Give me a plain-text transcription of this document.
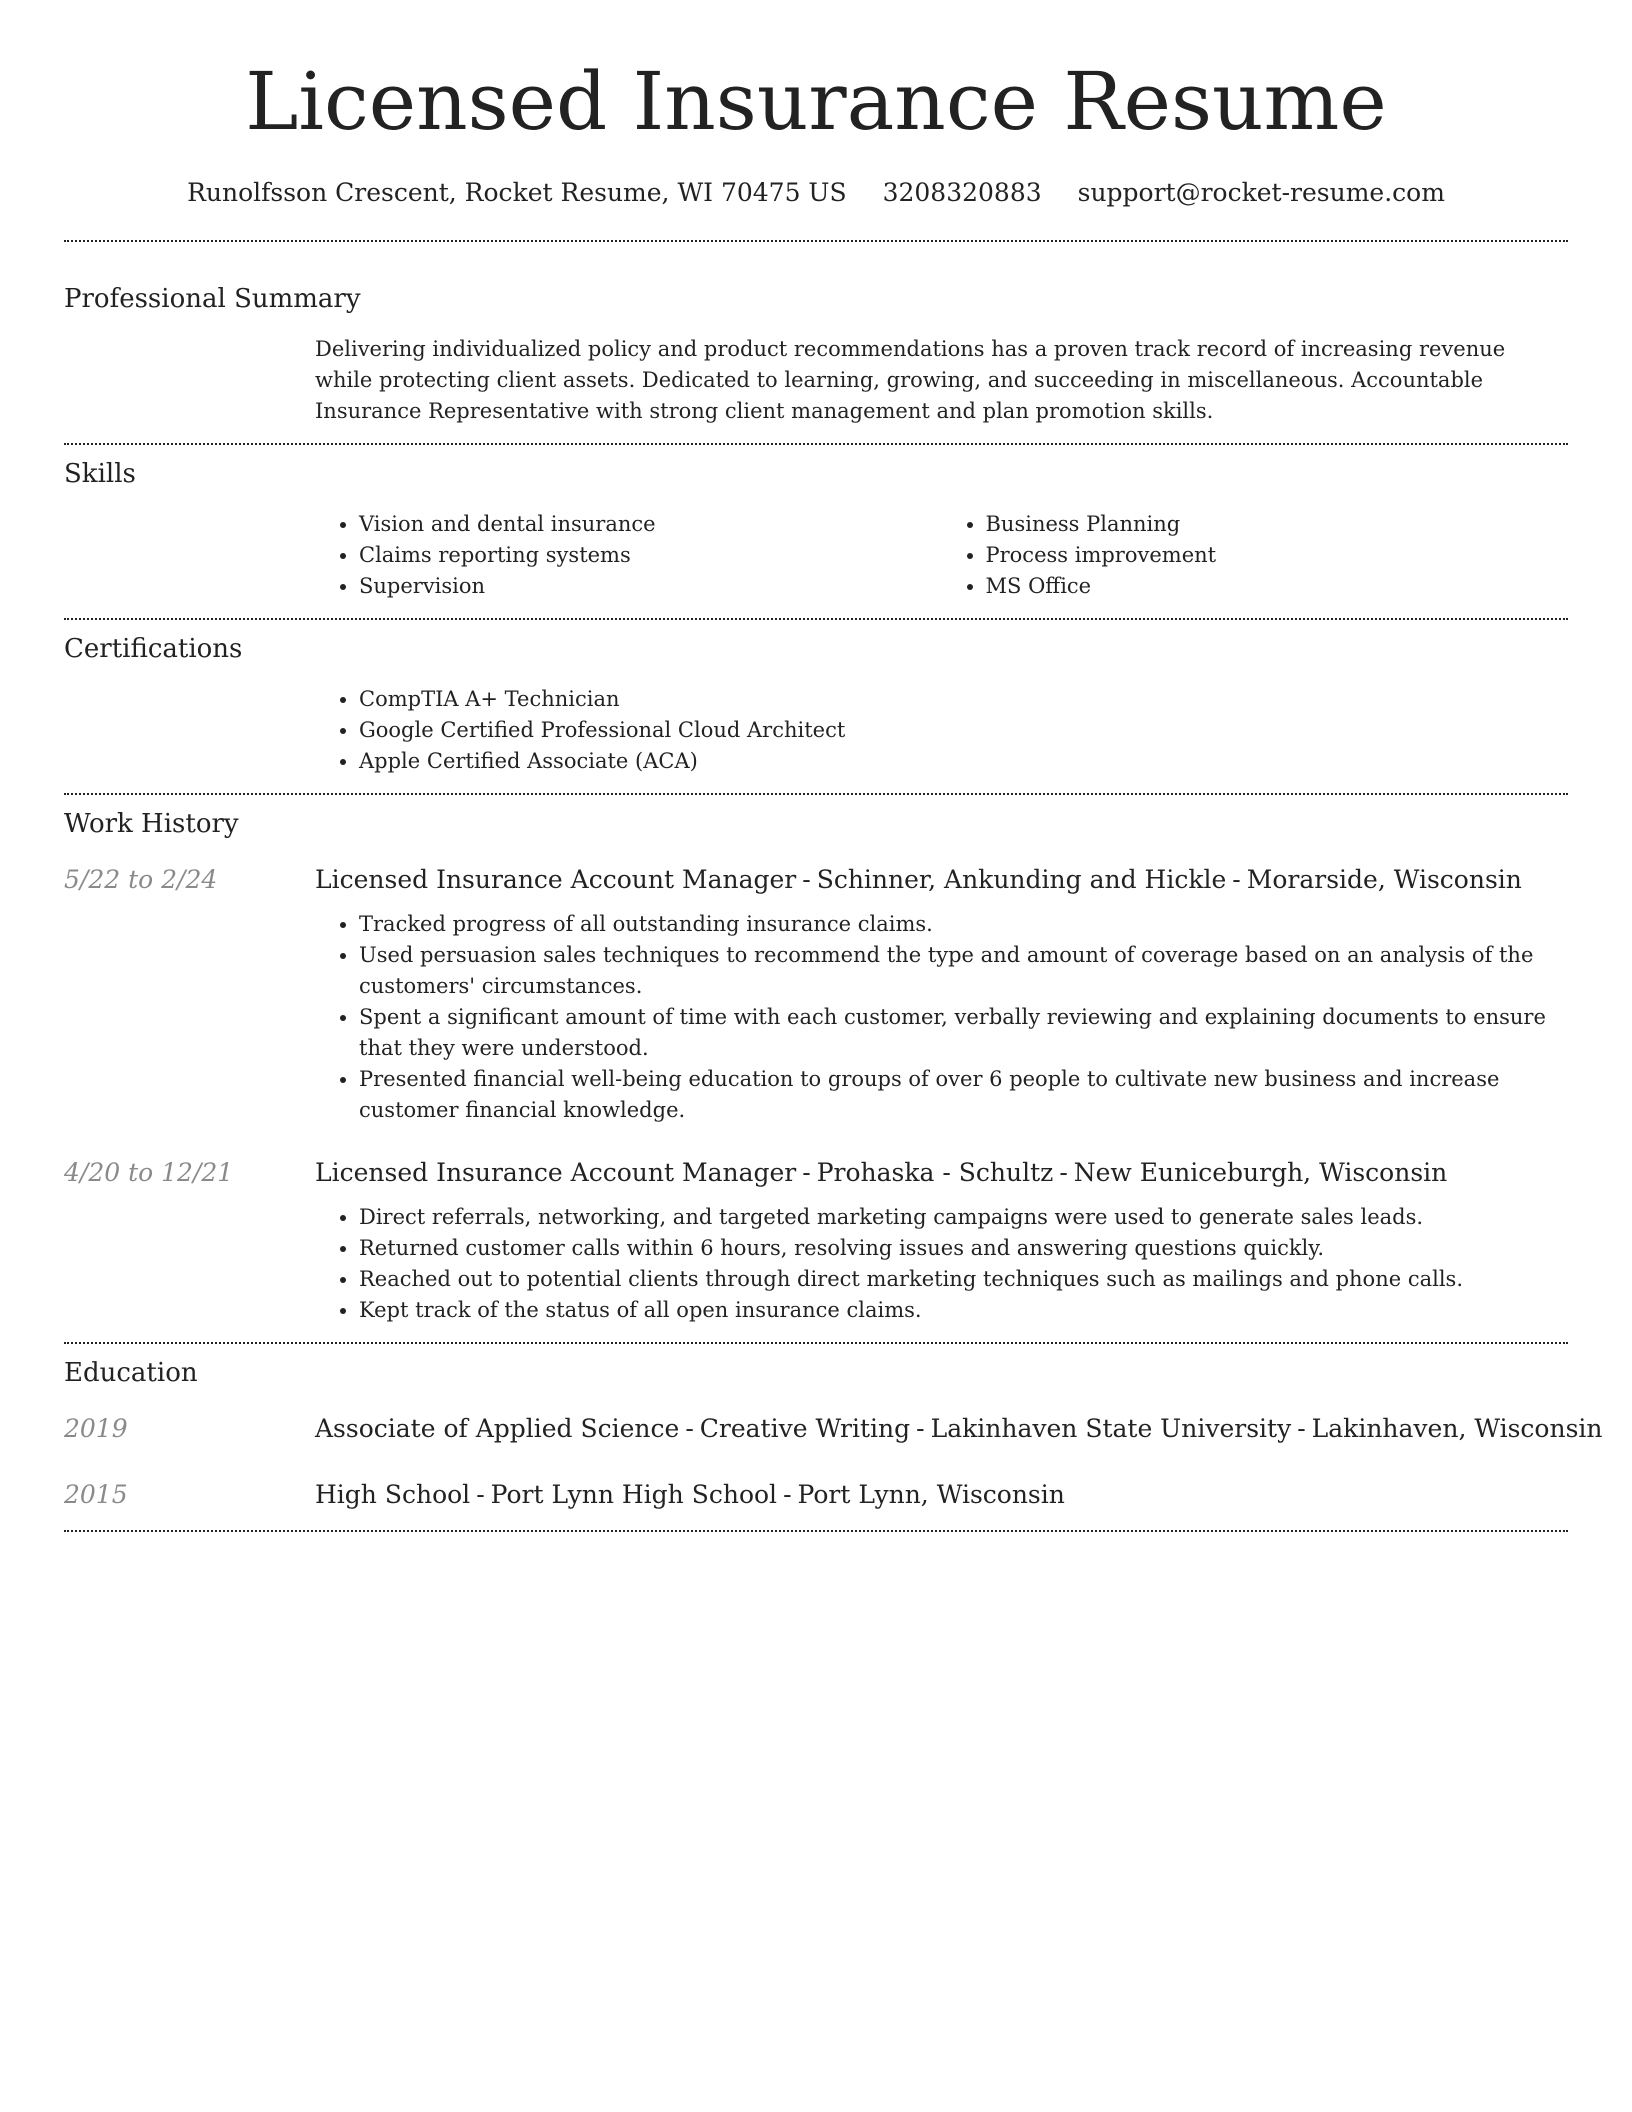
Licensed Insurance Resume
Runolfsson Crescent, Rocket Resume, WI 70475 US 3208320883 support@rocket-resume.com
Professional Summary
Delivering individualized policy and product recommendations has a proven track record of increasing revenue while protecting client assets. Dedicated to learning, growing, and succeeding in miscellaneous. Accountable Insurance Representative with strong client management and plan promotion skills.
Skills
• Vision and dental insurance
• Claims reporting systems
• Supervision
• Business Planning
• Process improvement
• MS Office
Certifications
• CompTIA A+ Technician
• Google Certified Professional Cloud Architect
• Apple Certified Associate (ACA)
Work History
5/22 to 2/24	Licensed Insurance Account Manager - Schinner, Ankunding and Hickle - Morarside, Wisconsin
• Tracked progress of all outstanding insurance claims.
• Used persuasion sales techniques to recommend the type and amount of coverage based on an analysis of the customers' circumstances.
• Spent a significant amount of time with each customer, verbally reviewing and explaining documents to ensure that they were understood.
• Presented financial well-being education to groups of over 6 people to cultivate new business and increase customer financial knowledge.
4/20 to 12/21	Licensed Insurance Account Manager - Prohaska - Schultz - New Euniceburgh, Wisconsin
• Direct referrals, networking, and targeted marketing campaigns were used to generate sales leads.
• Returned customer calls within 6 hours, resolving issues and answering questions quickly.
• Reached out to potential clients through direct marketing techniques such as mailings and phone calls.
• Kept track of the status of all open insurance claims.
Education
2019	Associate of Applied Science - Creative Writing - Lakinhaven State University - Lakinhaven, Wisconsin
2015	High School - Port Lynn High School - Port Lynn, Wisconsin
